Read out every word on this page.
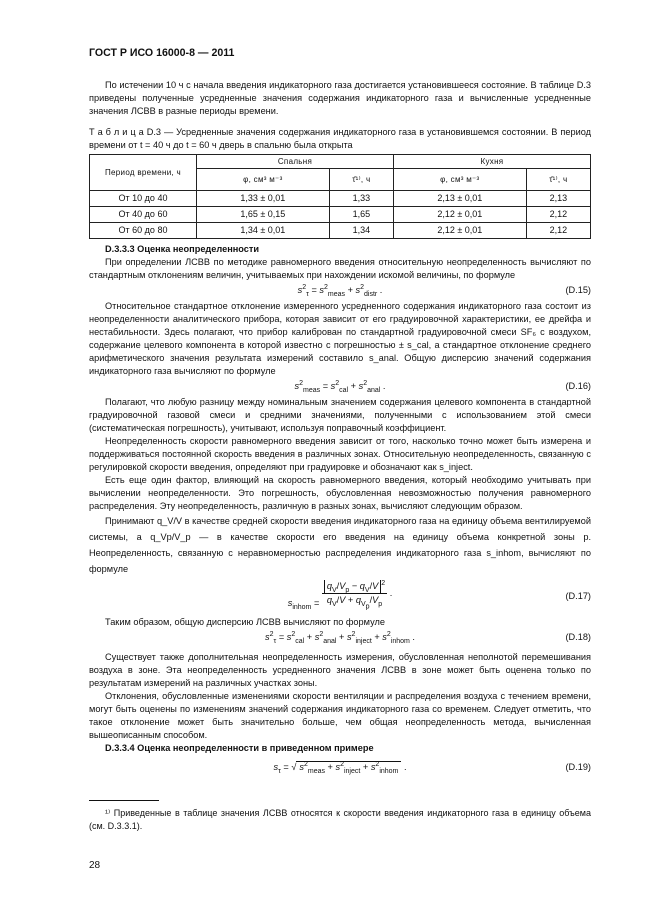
ГОСТ Р ИСО 16000-8 — 2011

По истечении 10 ч с начала введения индикаторного газа достигается установившееся состояние. В таблице D.3 приведены полученные усредненные значения содержания индикаторного газа и вычисленные усредненные значения ЛСВВ в разные периоды времени.

Т а б л и ц а D.3 — Усредненные значения содержания индикаторного газа в установившемся состоянии. В период времени от t = 40 ч до t = 60 ч дверь в спальню была открыта

Период времени, ч	Спальня		Кухня	
	φ, см³ м⁻³	τ̄¹⁾, ч	φ, см³ м⁻³	τ̄¹⁾, ч
От 10 до 40	1,33 ± 0,01	1,33	2,13 ± 0,01	2,13
От 40 до 60	1,65 ± 0,15	1,65	2,12 ± 0,01	2,12
От 60 до 80	1,34 ± 0,01	1,34	2,12 ± 0,01	2,12

D.3.3.3 Оценка неопределенности

При определении ЛСВВ по методике равномерного введения относительную неопределенность вычисляют по стандартным отклонениям величин, учитываемых при нахождении искомой величины, по формуле

$s^2_\tau = s^2_{meas} + s^2_{distr}$ .	(D.15)

Относительное стандартное отклонение измеренного усредненного содержания индикаторного газа состоит из неопределенности аналитического прибора, которая зависит от его градуировочной характеристики, ее дрейфа и нестабильности. Здесь полагают, что прибор калиброван по стандартной градуировочной смеси SF₆ с воздухом, содержание целевого компонента в которой известно с погрешностью ± s_cal, а стандартное отклонение среднего арифметического значения результата измерений составило s_anal. Общую дисперсию значений содержания индикаторного газа вычисляют по формуле

$s^2_{meas} = s^2_{cal} + s^2_{anal}$ .	(D.16)

Полагают, что любую разницу между номинальным значением содержания целевого компонента в стандартной градуировочной газовой смеси и средними значениями, полученными с использованием этой смеси (систематическая погрешность), учитывают, используя поправочный коэффициент.

Неопределенность скорости равномерного введения зависит от того, насколько точно может быть измерена и поддерживаться постоянной скорость введения в различных зонах. Относительную неопределенность, связанную с регулировкой скорости введения, определяют при градуировке и обозначают как s_inject.

Есть еще один фактор, влияющий на скорость равномерного введения, который необходимо учитывать при вычислении неопределенности. Это погрешность, обусловленная невозможностью получения равномерного распределения. Эту неопределенность, различную в разных зонах, вычисляют следующим образом.

Принимают q_V/V в качестве средней скорости введения индикаторного газа на единицу объема вентилируемой системы, а q_Vp/V_p — в качестве скорости его введения на единицу объема конкретной зоны p. Неопределенность, связанную с неравномерностью распределения индикаторного газа s_inhom, вычисляют по формуле

$s_{inhom} = \frac{q_V/V_p - q_V/V ^2}{q_V/V + q_{V_p}/V_p}$ .	(D.17)

Таким образом, общую дисперсию ЛСВВ вычисляют по формуле

$s^2_\tau = s^2_{cal} + s^2_{anal} + s^2_{inject} + s^2_{inhom}$ .	(D.18)

Существует также дополнительная неопределенность измерения, обусловленная неполнотой перемешивания воздуха в зоне. Эта неопределенность усредненного значения ЛСВВ в зоне может быть оценена только по результатам измерений на различных участках зоны.

Отклонения, обусловленные изменениями скорости вентиляции и распределения воздуха с течением времени, могут быть оценены по изменениям значений содержания индикаторного газа со временем. Следует отметить, что такое отклонение может быть значительно больше, чем общая неопределенность метода, вычисленная вышеописанным способом.

D.3.3.4 Оценка неопределенности в приведенном примере

$s_\tau$ = √ $s^2_{meas} + s^2_{inject} + s^2_{inhom}$ .	(D.19)

¹⁾ Приведенные в таблице значения ЛСВВ относятся к скорости введения индикаторного газа в единицу объема (см. D.3.3.1).

28
